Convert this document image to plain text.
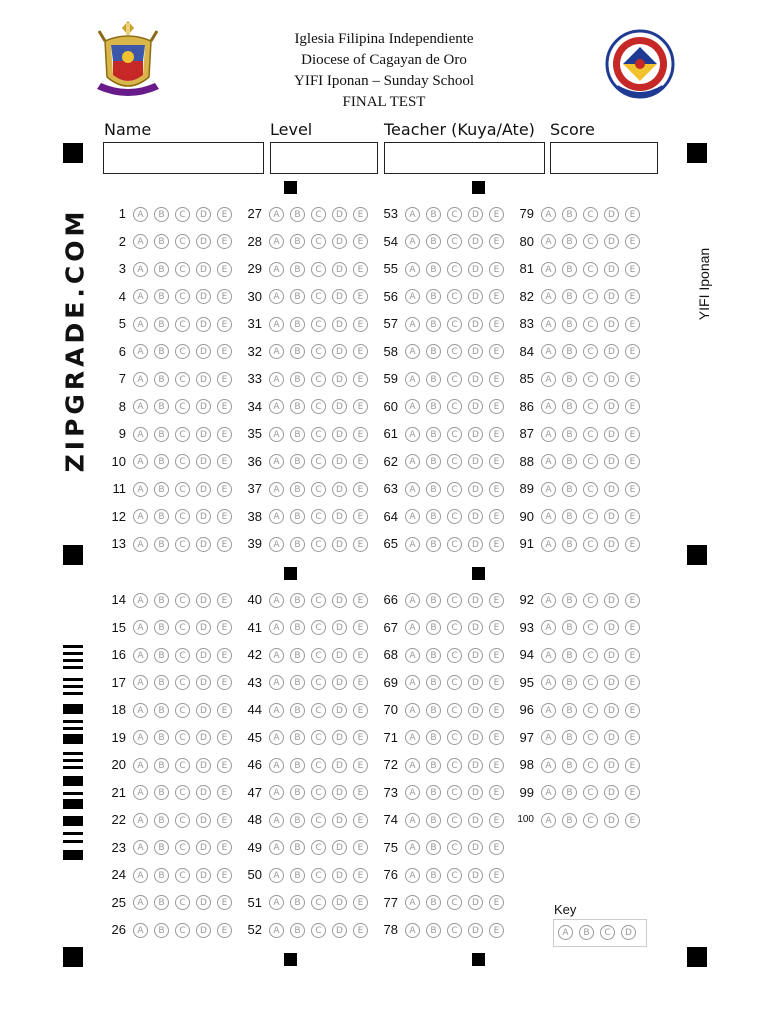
Iglesia Filipina Independiente
Diocese of Cagayan de Oro
YIFI Iponan – Sunday School
FINAL TEST
Name	Level	Teacher (Kuya/Ate) Score
ZIPGRADE.COM	YIFI Iponan
1	A	B	C	D	E
2	A	B	C	D	E
3	A	B	C	D	E
4	A	B	C	D	E
5	A	B	C	D	E
6	A	B	C	D	E
7	A	B	C	D	E
8	A	B	C	D	E
9	A	B	C	D	E
10	A	B	C	D	E
11	A	B	C	D	E
12	A	B	C	D	E
13	A	B	C	D	E
14	A	B	C	D	E
15	A	B	C	D	E
16	A	B	C	D	E
17	A	B	C	D	E
18	A	B	C	D	E
19	A	B	C	D	E
20	A	B	C	D	E
21	A	B	C	D	E
22	A	B	C	D	E
23	A	B	C	D	E
24	A	B	C	D	E
25	A	B	C	D	E
26	A	B	C	D	E
27	A	B	C	D	E
28	A	B	C	D	E
29	A	B	C	D	E
30	A	B	C	D	E
31	A	B	C	D	E
32	A	B	C	D	E
33	A	B	C	D	E
34	A	B	C	D	E
35	A	B	C	D	E
36	A	B	C	D	E
37	A	B	C	D	E
38	A	B	C	D	E
39	A	B	C	D	E
40	A	B	C	D	E
41	A	B	C	D	E
42	A	B	C	D	E
43	A	B	C	D	E
44	A	B	C	D	E
45	A	B	C	D	E
46	A	B	C	D	E
47	A	B	C	D	E
48	A	B	C	D	E
49	A	B	C	D	E
50	A	B	C	D	E
51	A	B	C	D	E
52	A	B	C	D	E
53	A	B	C	D	E
54	A	B	C	D	E
55	A	B	C	D	E
56	A	B	C	D	E
57	A	B	C	D	E
58	A	B	C	D	E
59	A	B	C	D	E
60	A	B	C	D	E
61	A	B	C	D	E
62	A	B	C	D	E
63	A	B	C	D	E
64	A	B	C	D	E
65	A	B	C	D	E
66	A	B	C	D	E
67	A	B	C	D	E
68	A	B	C	D	E
69	A	B	C	D	E
70	A	B	C	D	E
71	A	B	C	D	E
72	A	B	C	D	E
73	A	B	C	D	E
74	A	B	C	D	E
75	A	B	C	D	E
76	A	B	C	D	E
77	A	B	C	D	E
78	A	B	C	D	E
79	A	B	C	D	E
80	A	B	C	D	E
81	A	B	C	D	E
82	A	B	C	D	E
83	A	B	C	D	E
84	A	B	C	D	E
85	A	B	C	D	E
86	A	B	C	D	E
87	A	B	C	D	E
88	A	B	C	D	E
89	A	B	C	D	E
90	A	B	C	D	E
91	A	B	C	D	E
92	A	B	C	D	E
93	A	B	C	D	E
94	A	B	C	D	E
95	A	B	C	D	E
96	A	B	C	D	E
97	A	B	C	D	E
98	A	B	C	D	E
99	A	B	C	D	E
100	A	B	C	D	E
Key
A	B	C	D
